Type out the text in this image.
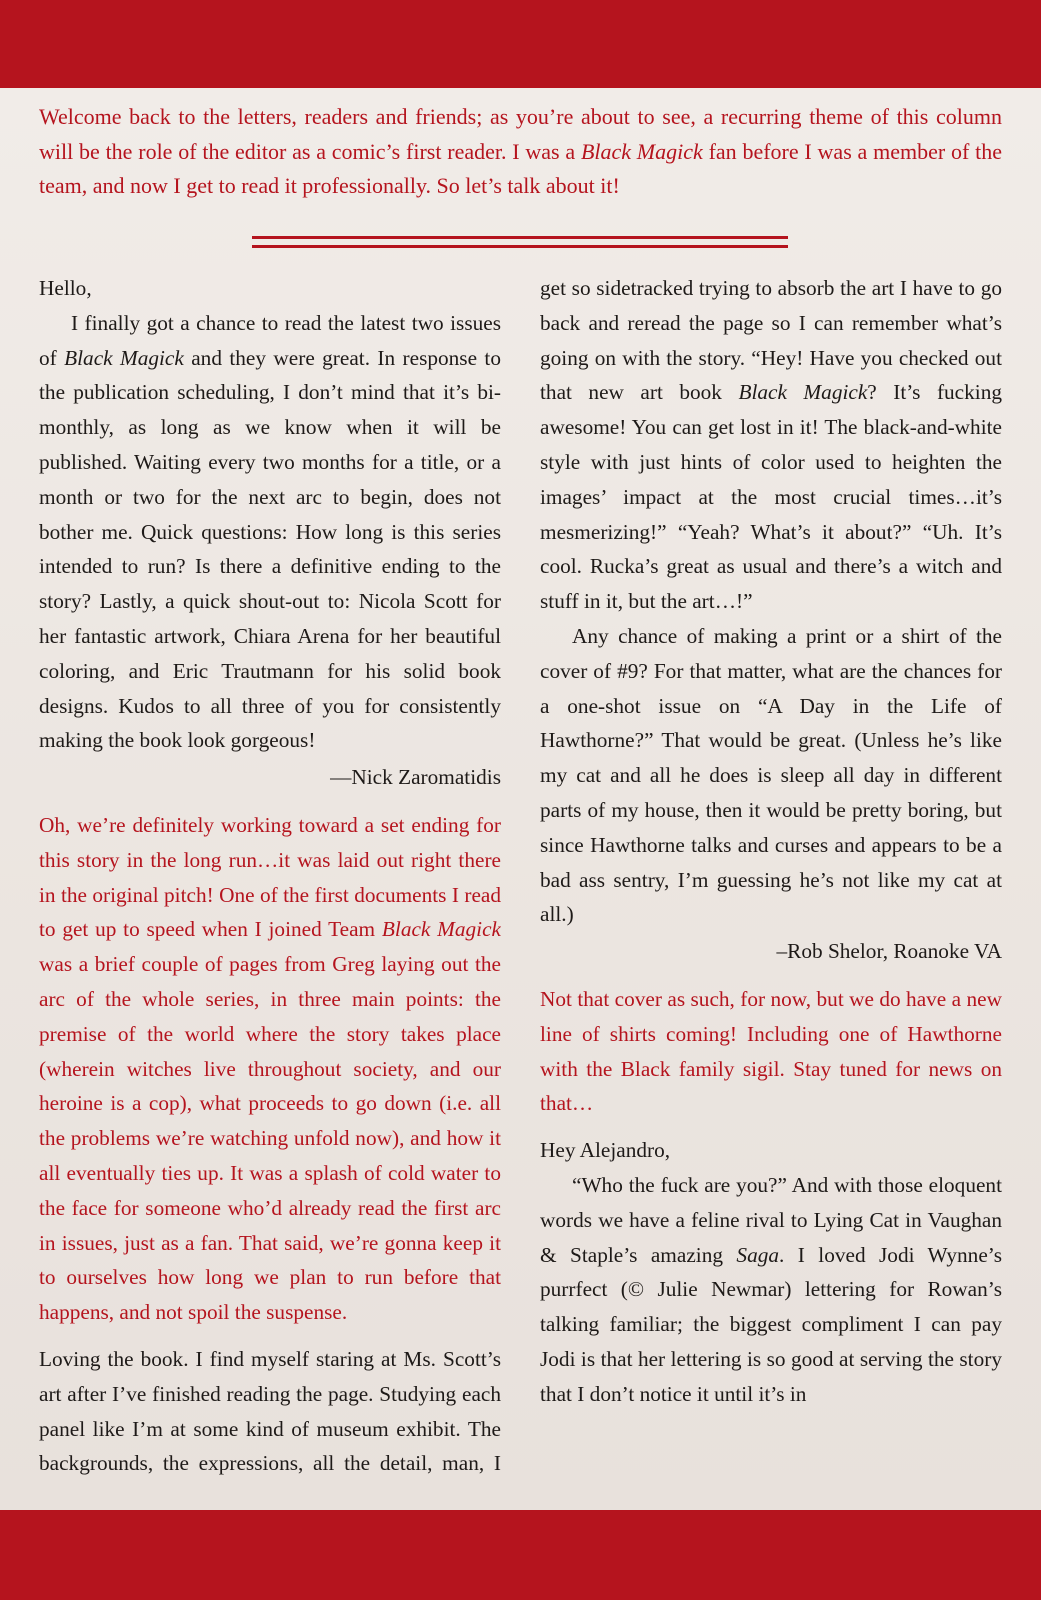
Welcome back to the letters, readers and friends; as you’re about to see, a recurring theme of this column will be the role of the editor as a comic’s first reader. I was a Black Magick fan before I was a member of the team, and now I get to read it professionally. So let’s talk about it!

Hello,

I finally got a chance to read the latest two issues of Black Magick and they were great. In response to the publication scheduling, I don’t mind that it’s bi-monthly, as long as we know when it will be published. Waiting every two months for a title, or a month or two for the next arc to begin, does not bother me. Quick questions: How long is this series intended to run? Is there a definitive ending to the story? Lastly, a quick shout-out to: Nicola Scott for her fantastic artwork, Chiara Arena for her beautiful coloring, and Eric Trautmann for his solid book designs. Kudos to all three of you for consistently making the book look gorgeous!

—Nick Zaromatidis

Oh, we’re definitely working toward a set ending for this story in the long run…it was laid out right there in the original pitch! One of the first documents I read to get up to speed when I joined Team Black Magick was a brief couple of pages from Greg laying out the arc of the whole series, in three main points: the premise of the world where the story takes place (wherein witches live throughout society, and our heroine is a cop), what proceeds to go down (i.e. all the problems we’re watching unfold now), and how it all eventually ties up. It was a splash of cold water to the face for someone who’d already read the first arc in issues, just as a fan. That said, we’re gonna keep it to ourselves how long we plan to run before that happens, and not spoil the suspense.

Loving the book. I find myself staring at Ms. Scott’s art after I’ve finished reading the page. Studying each panel like I’m at some kind of museum exhibit. The backgrounds, the expressions, all the detail, man, I

get so sidetracked trying to absorb the art I have to go back and reread the page so I can remember what’s going on with the story. “Hey! Have you checked out that new art book Black Magick? It’s fucking awesome! You can get lost in it! The black-and-white style with just hints of color used to heighten the images’ impact at the most crucial times…it’s mesmerizing!” “Yeah? What’s it about?” “Uh. It’s cool. Rucka’s great as usual and there’s a witch and stuff in it, but the art…!”

Any chance of making a print or a shirt of the cover of #9? For that matter, what are the chances for a one-shot issue on “A Day in the Life of Hawthorne?” That would be great. (Unless he’s like my cat and all he does is sleep all day in different parts of my house, then it would be pretty boring, but since Hawthorne talks and curses and appears to be a bad ass sentry, I’m guessing he’s not like my cat at all.)

–Rob Shelor, Roanoke VA

Not that cover as such, for now, but we do have a new line of shirts coming! Including one of Hawthorne with the Black family sigil. Stay tuned for news on that…

Hey Alejandro,

“Who the fuck are you?” And with those eloquent words we have a feline rival to Lying Cat in Vaughan & Staple’s amazing Saga. I loved Jodi Wynne’s purrfect (© Julie Newmar) lettering for Rowan’s talking familiar; the biggest compliment I can pay Jodi is that her lettering is so good at serving the story that I don’t notice it until it’s in
